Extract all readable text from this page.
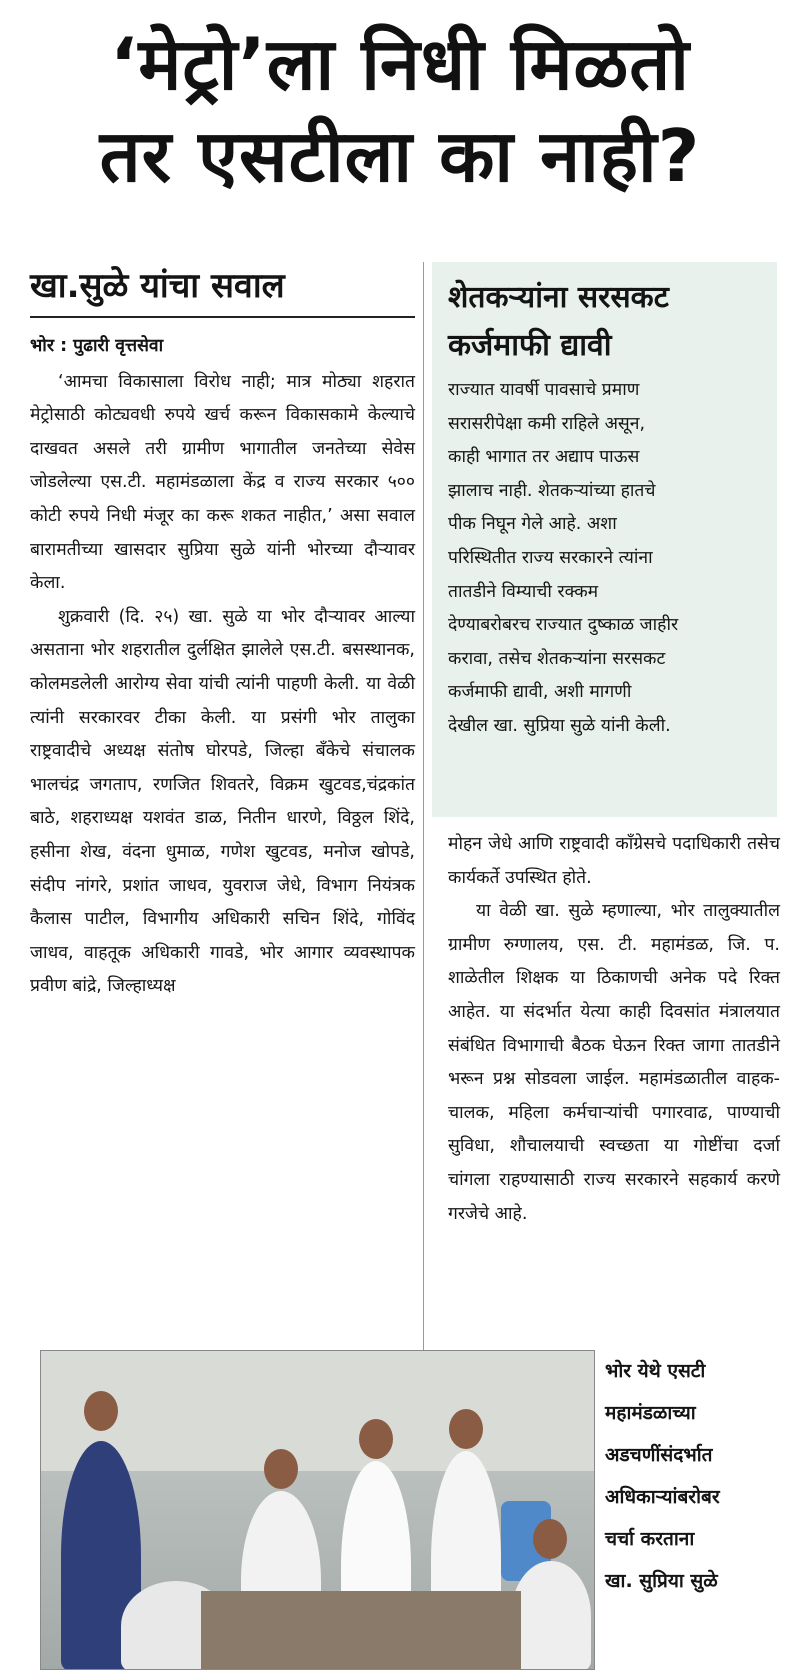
‘मेट्रो’ला निधी मिळतो
तर एसटीला का नाही?
खा.सुळे यांचा सवाल
भोर : पुढारी वृत्तसेवा

‘आमचा विकासाला विरोध नाही; मात्र मोठ्या शहरात मेट्रोसाठी कोट्यवधी रुपये खर्च करून विकासकामे केल्याचे दाखवत असले तरी ग्रामीण भागातील जनतेच्या सेवेस जोडलेल्या एस.टी. महामंडळाला केंद्र व राज्य सरकार ५०० कोटी रुपये निधी मंजूर का करू शकत नाहीत,’ असा सवाल बारामतीच्या खासदार सुप्रिया सुळे यांनी भोरच्या दौऱ्यावर केला.

शुक्रवारी (दि. २५) खा. सुळे या भोर दौऱ्यावर आल्या असताना भोर शहरातील दुर्लक्षित झालेले एस.टी. बसस्थानक, कोलमडलेली आरोग्य सेवा यांची त्यांनी पाहणी केली. या वेळी त्यांनी सरकारवर टीका केली. या प्रसंगी भोर तालुका राष्ट्रवादीचे अध्यक्ष संतोष घोरपडे, जिल्हा बँकेचे संचालक भालचंद्र जगताप, रणजित शिवतरे, विक्रम खुटवड,चंद्रकांत बाठे, शहराध्यक्ष यशवंत डाळ, नितीन धारणे, विठ्ठल शिंदे, हसीना शेख, वंदना धुमाळ, गणेश खुटवड, मनोज खोपडे, संदीप नांगरे, प्रशांत जाधव, युवराज जेधे, विभाग नियंत्रक कैलास पाटील, विभागीय अधिकारी सचिन शिंदे, गोविंद जाधव, वाहतूक अधिकारी गावडे, भोर आगार व्यवस्थापक प्रवीण बांद्रे, जिल्हाध्यक्ष

शेतकऱ्यांना सरसकट
कर्जमाफी द्यावी
राज्यात यावर्षी पावसाचे प्रमाण
सरासरीपेक्षा कमी राहिले असून,
काही भागात तर अद्याप पाऊस
झालाच नाही. शेतकऱ्यांच्या हातचे
पीक निघून गेले आहे. अशा
परिस्थितीत राज्य सरकारने त्यांना
तातडीने विम्याची रक्कम
देण्याबरोबरच राज्यात दुष्काळ जाहीर
करावा, तसेच शेतकऱ्यांना सरसकट
कर्जमाफी द्यावी, अशी मागणी
देखील खा. सुप्रिया सुळे यांनी केली.

मोहन जेधे आणि राष्ट्रवादी काँग्रेसचे पदाधिकारी तसेच कार्यकर्ते उपस्थित होते.

या वेळी खा. सुळे म्हणाल्या, भोर तालुक्यातील ग्रामीण रुग्णालय, एस. टी. महामंडळ, जि. प. शाळेतील शिक्षक या ठिकाणची अनेक पदे रिक्त आहेत. या संदर्भात येत्या काही दिवसांत मंत्रालयात संबंधित विभागाची बैठक घेऊन रिक्त जागा तातडीने भरून प्रश्न सोडवला जाईल. महामंडळातील वाहक-चालक, महिला कर्मचाऱ्यांची पगारवाढ, पाण्याची सुविधा, शौचालयाची स्वच्छता या गोष्टींचा दर्जा चांगला राहण्यासाठी राज्य सरकारने सहकार्य करणे गरजेचे आहे.

भोर येथे एसटी
महामंडळाच्या
अडचणींसंदर्भात
अधिकाऱ्यांबरोबर
चर्चा करताना
खा. सुप्रिया सुळे
